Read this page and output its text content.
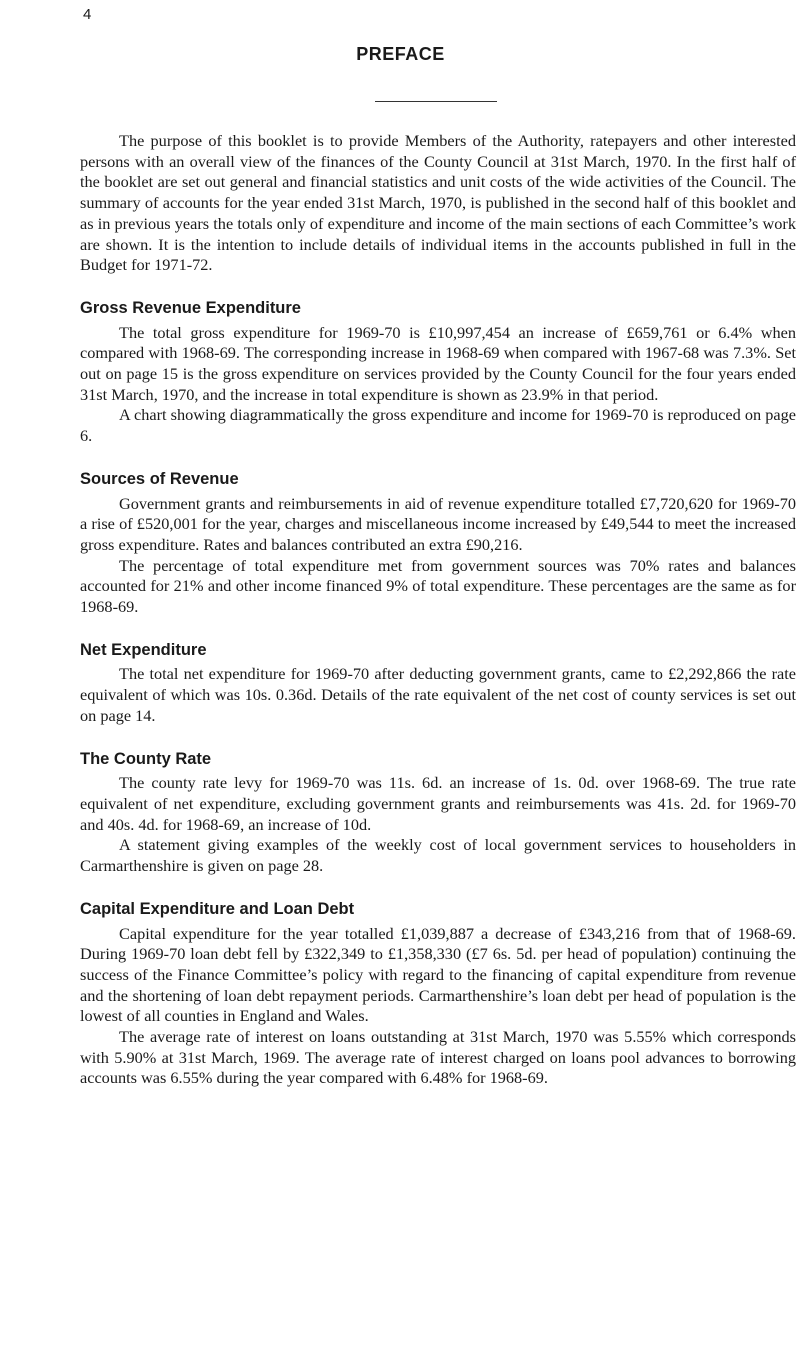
4
PREFACE

The purpose of this booklet is to provide Members of the Authority, ratepayers and other interested persons with an overall view of the finances of the County Council at 31st March, 1970. In the first half of the booklet are set out general and financial statistics and unit costs of the wide activities of the Council. The summary of accounts for the year ended 31st March, 1970, is published in the second half of this booklet and as in previous years the totals only of expenditure and income of the main sections of each Committee’s work are shown. It is the intention to include details of individual items in the accounts published in full in the Budget for 1971-72.

Gross Revenue Expenditure

The total gross expenditure for 1969-70 is £10,997,454 an increase of £659,761 or 6.4% when compared with 1968-69. The corresponding increase in 1968-69 when compared with 1967-68 was 7.3%. Set out on page 15 is the gross expenditure on services provided by the County Council for the four years ended 31st March, 1970, and the increase in total expenditure is shown as 23.9% in that period.

A chart showing diagrammatically the gross expenditure and income for 1969-70 is reproduced on page 6.

Sources of Revenue

Government grants and reimbursements in aid of revenue expenditure totalled £7,720,620 for 1969-70 a rise of £520,001 for the year, charges and miscellaneous income increased by £49,544 to meet the increased gross expenditure. Rates and balances contributed an extra £90,216.

The percentage of total expenditure met from government sources was 70% rates and balances accounted for 21% and other income financed 9% of total expenditure. These percentages are the same as for 1968-69.

Net Expenditure

The total net expenditure for 1969-70 after deducting government grants, came to £2,292,866 the rate equivalent of which was 10s. 0.36d. Details of the rate equivalent of the net cost of county services is set out on page 14.

The County Rate

The county rate levy for 1969-70 was 11s. 6d. an increase of 1s. 0d. over 1968-69. The true rate equivalent of net expenditure, excluding government grants and reimbursements was 41s. 2d. for 1969-70 and 40s. 4d. for 1968-69, an increase of 10d.

A statement giving examples of the weekly cost of local government services to householders in Carmarthenshire is given on page 28.

Capital Expenditure and Loan Debt

Capital expenditure for the year totalled £1,039,887 a decrease of £343,216 from that of 1968-69. During 1969-70 loan debt fell by £322,349 to £1,358,330 (£7 6s. 5d. per head of population) continuing the success of the Finance Committee’s policy with regard to the financing of capital expenditure from revenue and the shortening of loan debt repayment periods. Carmarthenshire’s loan debt per head of population is the lowest of all counties in England and Wales.

The average rate of interest on loans outstanding at 31st March, 1970 was 5.55% which corresponds with 5.90% at 31st March, 1969. The average rate of interest charged on loans pool advances to borrowing accounts was 6.55% during the year compared with 6.48% for 1968-69.
